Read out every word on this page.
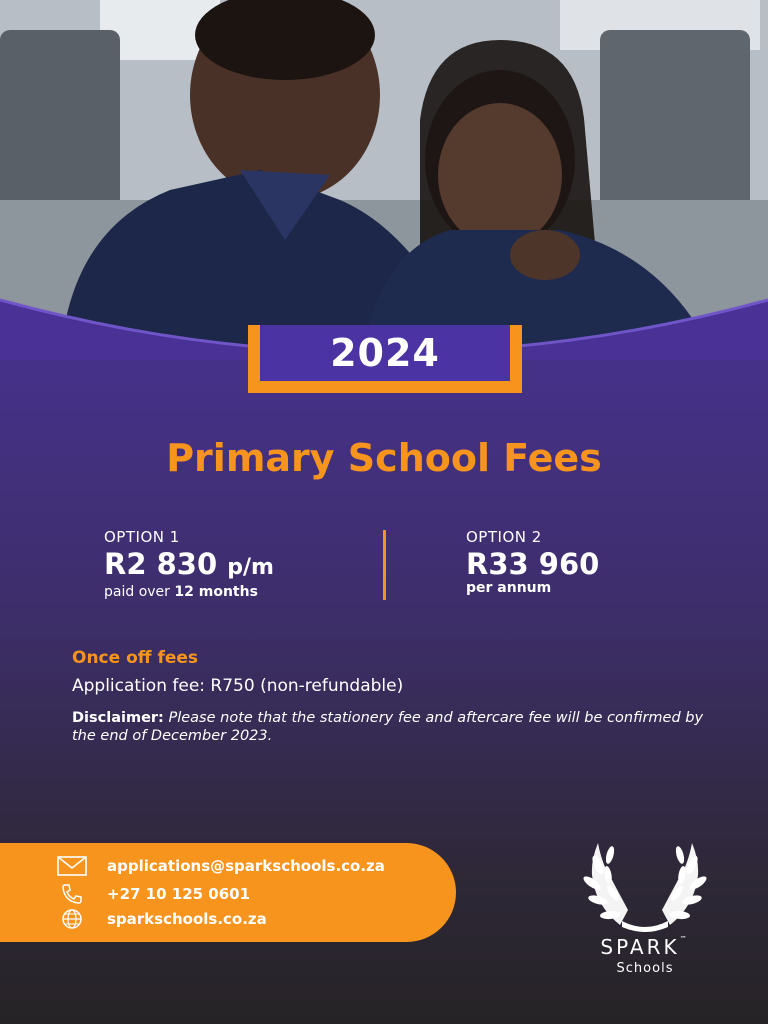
2024
Primary School Fees
OPTION 1
R2 830 p/m
paid over 12 months
OPTION 2
R33 960
per annum
Once off fees
Application fee: R750 (non-refundable)
Disclaimer: Please note that the stationery fee and aftercare fee will be confirmed by the end of December 2023.
applications@sparkschools.co.za
+27 10 125 0601
sparkschools.co.za
SPARK™
Schools
